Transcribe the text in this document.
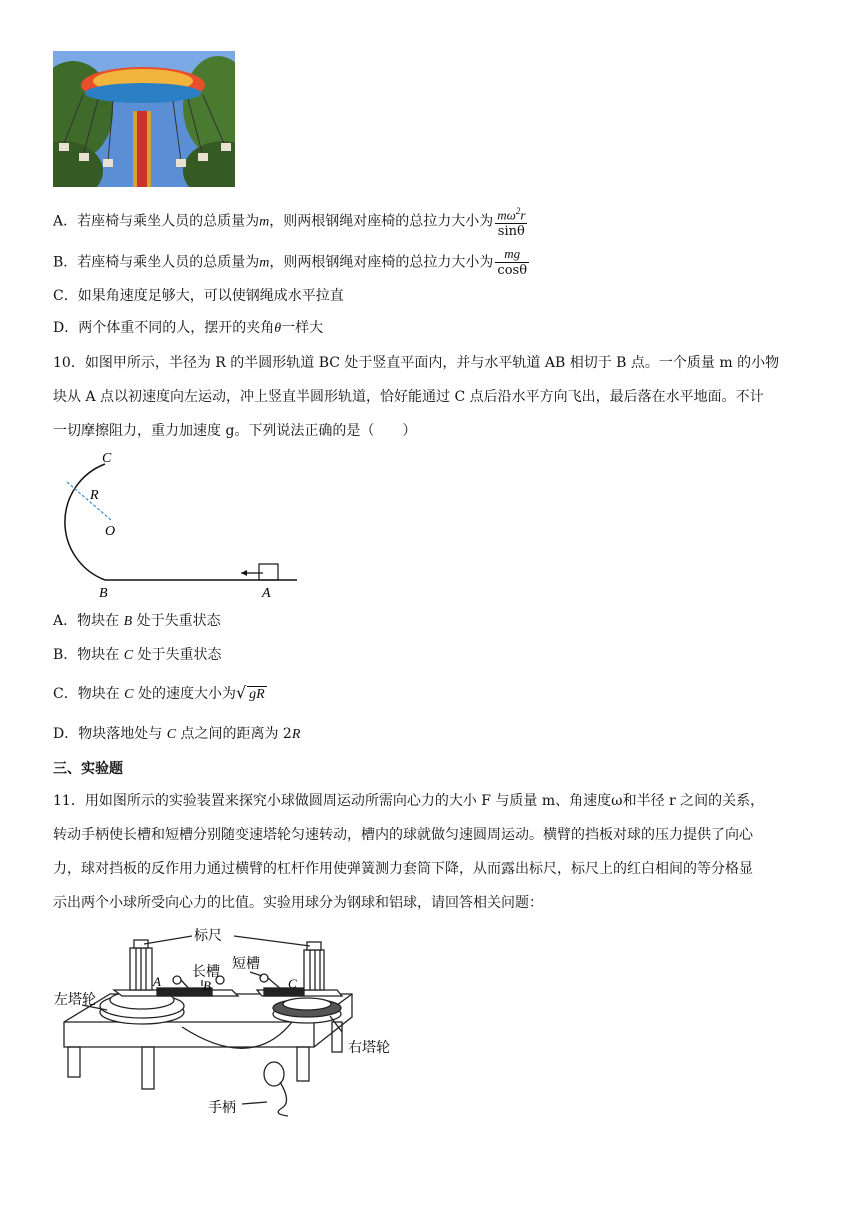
A．若座椅与乘坐人员的总质量为m，则两根钢绳对座椅的总拉力大小为 $\frac{m\omega^2r}{\sin\theta}$
B．若座椅与乘坐人员的总质量为m，则两根钢绳对座椅的总拉力大小为 $\frac{mg}{\cos\theta}$
C．如果角速度足够大，可以使钢绳成水平拉直
D．两个体重不同的人，摆开的夹角θ一样大
10．如图甲所示，半径为 R 的半圆形轨道 BC 处于竖直平面内，并与水平轨道 AB 相切于 B 点。一个质量 m 的小物
块从 A 点以初速度向左运动，冲上竖直半圆形轨道，恰好能通过 C 点后沿水平方向飞出，最后落在水平地面。不计
一切摩擦阻力，重力加速度 g。下列说法正确的是（　　）
C
R
O
B	A
A．物块在 B 处于失重状态
B．物块在 C 处于失重状态
C．物块在 C 处的速度大小为√ gR
D．物块落地处与 C 点之间的距离为 2R
三、实验题
11．用如图所示的实验装置来探究小球做圆周运动所需向心力的大小 F 与质量 m、角速度ω和半径 r 之间的关系，
转动手柄使长槽和短槽分别随变速塔轮匀速转动，槽内的球就做匀速圆周运动。横臂的挡板对球的压力提供了向心
力，球对挡板的反作用力通过横臂的杠杆作用使弹簧测力套筒下降，从而露出标尺，标尺上的红白相间的等分格显
示出两个小球所受向心力的比值。实验用球分为钢球和铝球，请回答相关问题：
标尺
长槽 短槽
左塔轮
右塔轮
手柄
A	B	C
